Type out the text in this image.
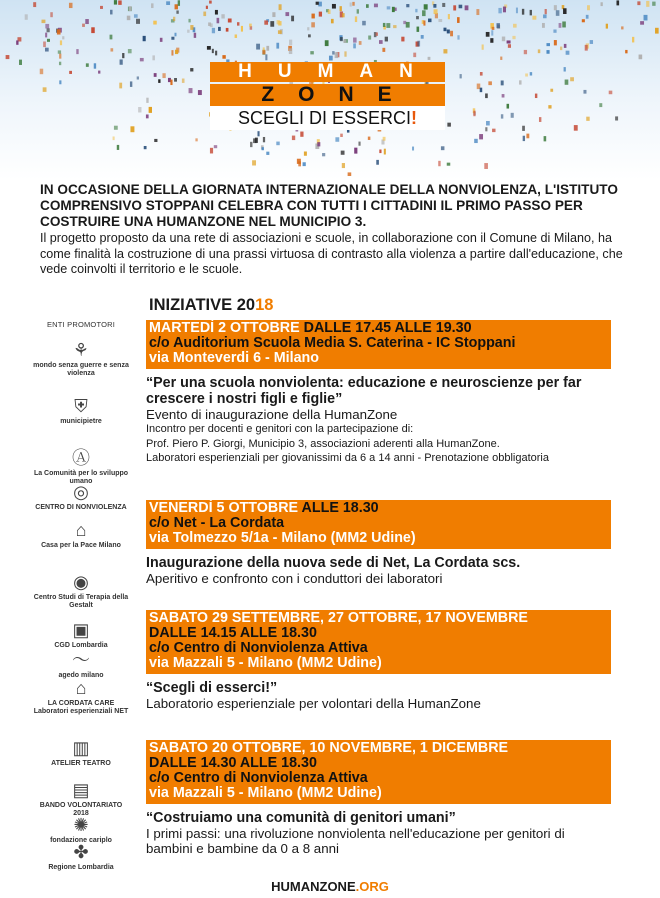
HUMAN
ZONE
SCEGLI DI ESSERCI!
IN OCCASIONE DELLA GIORNATA INTERNAZIONALE DELLA NONVIOLENZA, L'ISTITUTO COMPRENSIVO STOPPANI CELEBRA CON TUTTI I CITTADINI IL PRIMO PASSO PER COSTRUIRE UNA HUMANZONE NEL MUNICIPIO 3.
Il progetto proposto da una rete di associazioni e scuole, in collaborazione con il Comune di Milano, ha come finalità la costruzione di una prassi virtuosa di contrasto alla violenza a partire dall'educazione, che vede coinvolti il territorio e le scuole.
INIZIATIVE 2018
ENTI PROMOTORI
⚘
mondo senza guerre e senza violenza
⛨
municipietre
Ⓐ
La Comunità per lo sviluppo umano
◎
CENTRO DI NONVIOLENZA
⌂
Casa per la Pace Milano
◉
Centro Studi di Terapia della Gestalt
▣
CGD Lombardia
～
agedo milano
⌂
LA CORDATA CARE Laboratori esperienziali NET
▥
ATELIER TEATRO
▤
BANDO VOLONTARIATO 2018
✺
fondazione cariplo
✤
Regione Lombardia
MARTEDÌ 2 OTTOBRE DALLE 17.45 ALLE 19.30
c/o Auditorium Scuola Media S. Caterina - IC Stoppani
via Monteverdi 6 - Milano
“Per una scuola nonviolenta: educazione e neuroscienze per far crescere i nostri figli e figlie”
Evento di inaugurazione della HumanZone
Incontro per docenti e genitori con la partecipazione di:
Prof. Piero P. Giorgi, Municipio 3, associazioni aderenti alla HumanZone.
Laboratori esperienziali per giovanissimi da 6 a 14 anni - Prenotazione obbligatoria
VENERDÌ 5 OTTOBRE ALLE 18.30
c/o Net - La Cordata
via Tolmezzo 5/1a - Milano (MM2 Udine)
Inaugurazione della nuova sede di Net, La Cordata scs.
Aperitivo e confronto con i conduttori dei laboratori
SABATO 29 SETTEMBRE, 27 OTTOBRE, 17 NOVEMBRE
DALLE 14.15 ALLE 18.30
c/o Centro di Nonviolenza Attiva
via Mazzali 5 - Milano (MM2 Udine)
“Scegli di esserci!”
Laboratorio esperienziale per volontari della HumanZone
SABATO 20 OTTOBRE, 10 NOVEMBRE, 1 DICEMBRE
DALLE 14.30 ALLE 18.30
c/o Centro di Nonviolenza Attiva
via Mazzali 5 - Milano (MM2 Udine)
“Costruiamo una comunità di genitori umani”
I primi passi: una rivoluzione nonviolenta nell'educazione per genitori di bambini e bambine da 0 a 8 anni
HUMANZONE.ORG
